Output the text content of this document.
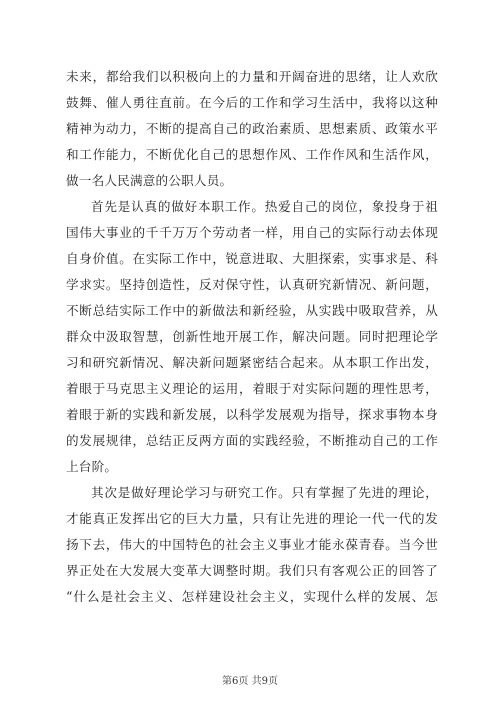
未来，都给我们以积极向上的力量和开阔奋进的思绪，让人欢欣
鼓舞、催人勇往直前。在今后的工作和学习生活中，我将以这种
精神为动力，不断的提高自己的政治素质、思想素质、政策水平
和工作能力，不断优化自己的思想作风、工作作风和生活作风，
做一名人民满意的公职人员。
首先是认真的做好本职工作。热爱自己的岗位，象投身于祖
国伟大事业的千千万万个劳动者一样，用自己的实际行动去体现
自身价值。在实际工作中，锐意进取、大胆探索，实事求是、科
学求实。坚持创造性，反对保守性，认真研究新情况、新问题，
不断总结实际工作中的新做法和新经验，从实践中吸取营养，从
群众中汲取智慧，创新性地开展工作，解决问题。同时把理论学
习和研究新情况、解决新问题紧密结合起来。从本职工作出发，
着眼于马克思主义理论的运用，着眼于对实际问题的理性思考，
着眼于新的实践和新发展，以科学发展观为指导，探求事物本身
的发展规律，总结正反两方面的实践经验，不断推动自己的工作
上台阶。
其次是做好理论学习与研究工作。只有掌握了先进的理论，
才能真正发挥出它的巨大力量，只有让先进的理论一代一代的发
扬下去，伟大的中国特色的社会主义事业才能永葆青春。当今世
界正处在大发展大变革大调整时期。我们只有客观公正的回答了
“什么是社会主义、怎样建设社会主义，实现什么样的发展、怎
第6页 共9页
